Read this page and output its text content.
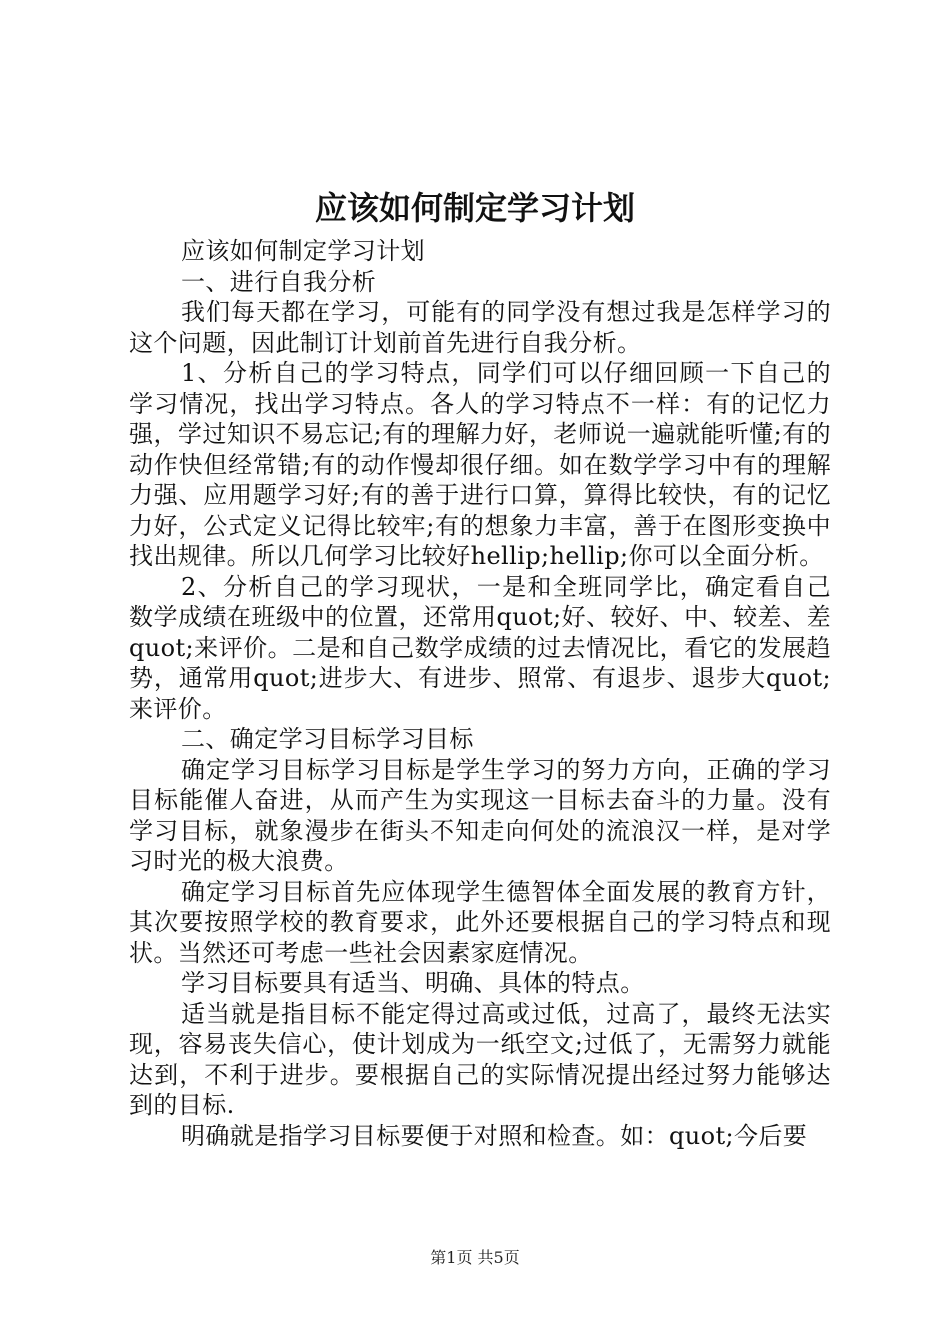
应该如何制定学习计划

应该如何制定学习计划

一、进行自我分析

我们每天都在学习，可能有的同学没有想过我是怎样学习的这个问题，因此制订计划前首先进行自我分析。

1、分析自己的学习特点，同学们可以仔细回顾一下自己的学习情况，找出学习特点。各人的学习特点不一样：有的记忆力强，学过知识不易忘记;有的理解力好，老师说一遍就能听懂;有的动作快但经常错;有的动作慢却很仔细。如在数学学习中有的理解力强、应用题学习好;有的善于进行口算，算得比较快，有的记忆力好，公式定义记得比较牢;有的想象力丰富，善于在图形变换中找出规律。所以几何学习比较好hellip;hellip;你可以全面分析。

2、分析自己的学习现状，一是和全班同学比，确定看自己数学成绩在班级中的位置，还常用quot;好、较好、中、较差、差quot;来评价。二是和自己数学成绩的过去情况比，看它的发展趋势，通常用quot;进步大、有进步、照常、有退步、退步大quot;来评价。

二、确定学习目标学习目标

确定学习目标学习目标是学生学习的努力方向，正确的学习目标能催人奋进，从而产生为实现这一目标去奋斗的力量。没有学习目标，就象漫步在街头不知走向何处的流浪汉一样，是对学习时光的极大浪费。

确定学习目标首先应体现学生德智体全面发展的教育方针，其次要按照学校的教育要求，此外还要根据自己的学习特点和现状。当然还可考虑一些社会因素家庭情况。

学习目标要具有适当、明确、具体的特点。

适当就是指目标不能定得过高或过低，过高了，最终无法实现，容易丧失信心，使计划成为一纸空文;过低了，无需努力就能达到，不利于进步。要根据自己的实际情况提出经过努力能够达到的目标.

明确就是指学习目标要便于对照和检查。如：quot;今后要

第1页 共5页
